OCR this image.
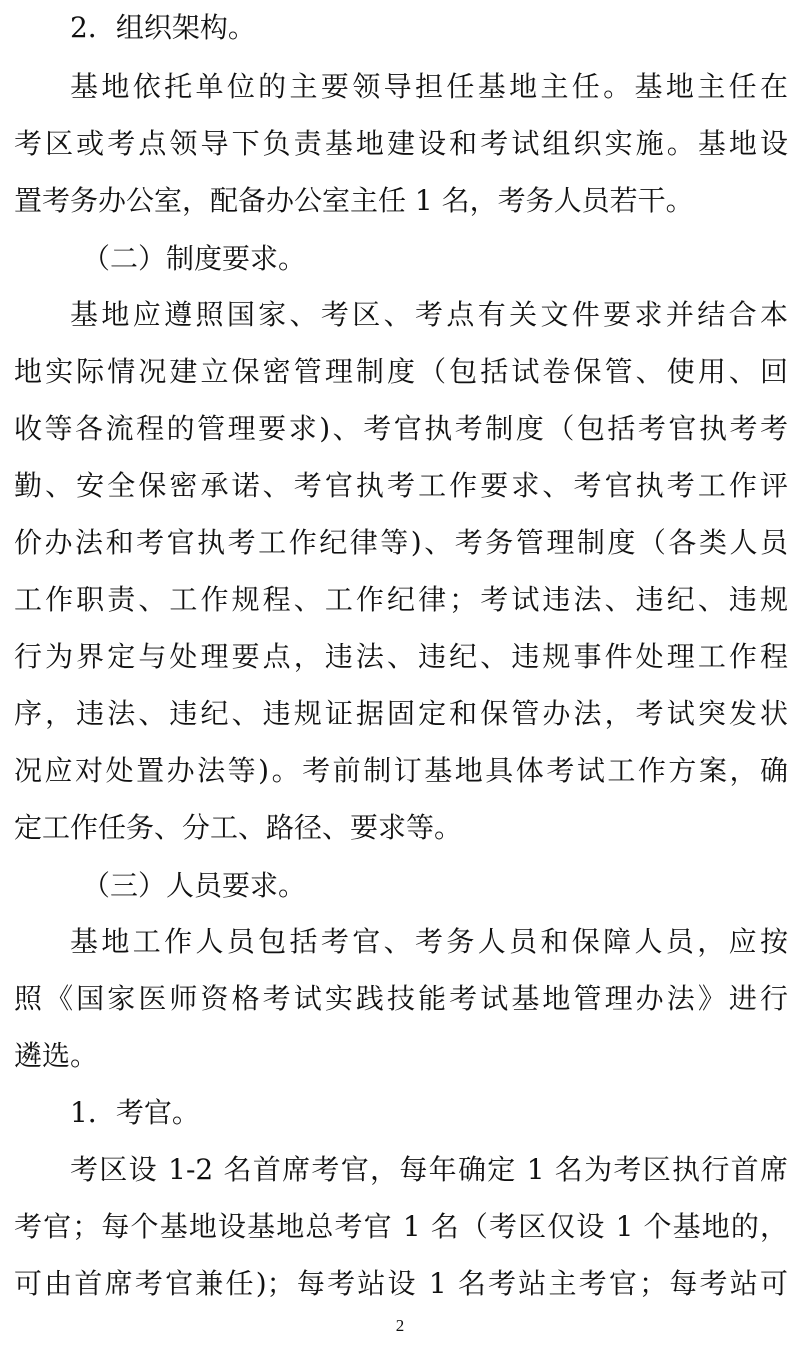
2．组织架构。
基地依托单位的主要领导担任基地主任。基地主任在
考区或考点领导下负责基地建设和考试组织实施。基地设
置考务办公室，配备办公室主任 1 名，考务人员若干。
（二）制度要求。
基地应遵照国家、考区、考点有关文件要求并结合本
地实际情况建立保密管理制度（包括试卷保管、使用、回
收等各流程的管理要求)、考官执考制度（包括考官执考考
勤、安全保密承诺、考官执考工作要求、考官执考工作评
价办法和考官执考工作纪律等)、考务管理制度（各类人员
工作职责、工作规程、工作纪律；考试违法、违纪、违规
行为界定与处理要点，违法、违纪、违规事件处理工作程
序，违法、违纪、违规证据固定和保管办法，考试突发状
况应对处置办法等)。考前制订基地具体考试工作方案，确
定工作任务、分工、路径、要求等。
（三）人员要求。
基地工作人员包括考官、考务人员和保障人员，应按
照《国家医师资格考试实践技能考试基地管理办法》进行
遴选。
1．考官。
考区设 1-2 名首席考官，每年确定 1 名为考区执行首席
考官；每个基地设基地总考官 1 名（考区仅设 1 个基地的，
可由首席考官兼任)；每考站设 1 名考站主考官；每考站可
2
